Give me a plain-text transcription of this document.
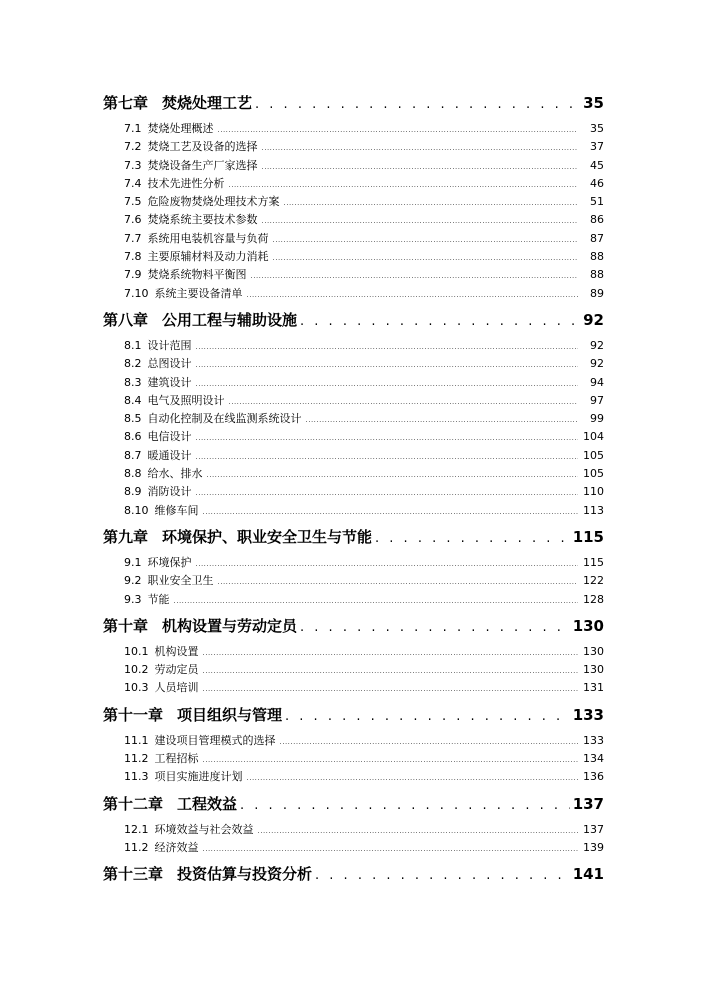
第七章 焚烧处理工艺 . . .	35
7.1 焚烧处理概述 .....	35
7.2 焚烧工艺及设备的选择 .....	37
7.3 焚烧设备生产厂家选择 .....	45
7.4 技术先进性分析 .....	46
7.5 危险废物焚烧处理技术方案 .....	51
7.6 焚烧系统主要技术参数 .....	86
7.7 系统用电装机容量与负荷 .....	87
7.8 主要原辅材料及动力消耗 .....	88
7.9 焚烧系统物料平衡图 .....	88
7.10 系统主要设备清单 .....	89
第八章 公用工程与辅助设施 . . .	92
8.1 设计范围 .....	92
8.2 总图设计 .....	92
8.3 建筑设计 .....	94
8.4 电气及照明设计 .....	97
8.5 自动化控制及在线监测系统设计 .....	99
8.6 电信设计 .....	104
8.7 暖通设计 .....	105
8.8 给水、排水 .....	105
8.9 消防设计 .....	110
8.10 维修车间 .....	113
第九章 环境保护、职业安全卫生与节能 . . .	115
9.1 环境保护 .....	115
9.2 职业安全卫生 .....	122
9.3 节能 .....	128
第十章 机构设置与劳动定员 . . .	130
10.1 机构设置 .....	130
10.2 劳动定员 .....	130
10.3 人员培训 .....	131
第十一章 项目组织与管理 . . .	133
11.1 建设项目管理模式的选择 .....	133
11.2 工程招标 .....	134
11.3 项目实施进度计划 .....	136
第十二章 工程效益 . . .	137
12.1 环境效益与社会效益 .....	137
11.2 经济效益 .....	139
第十三章 投资估算与投资分析 . . .	141
